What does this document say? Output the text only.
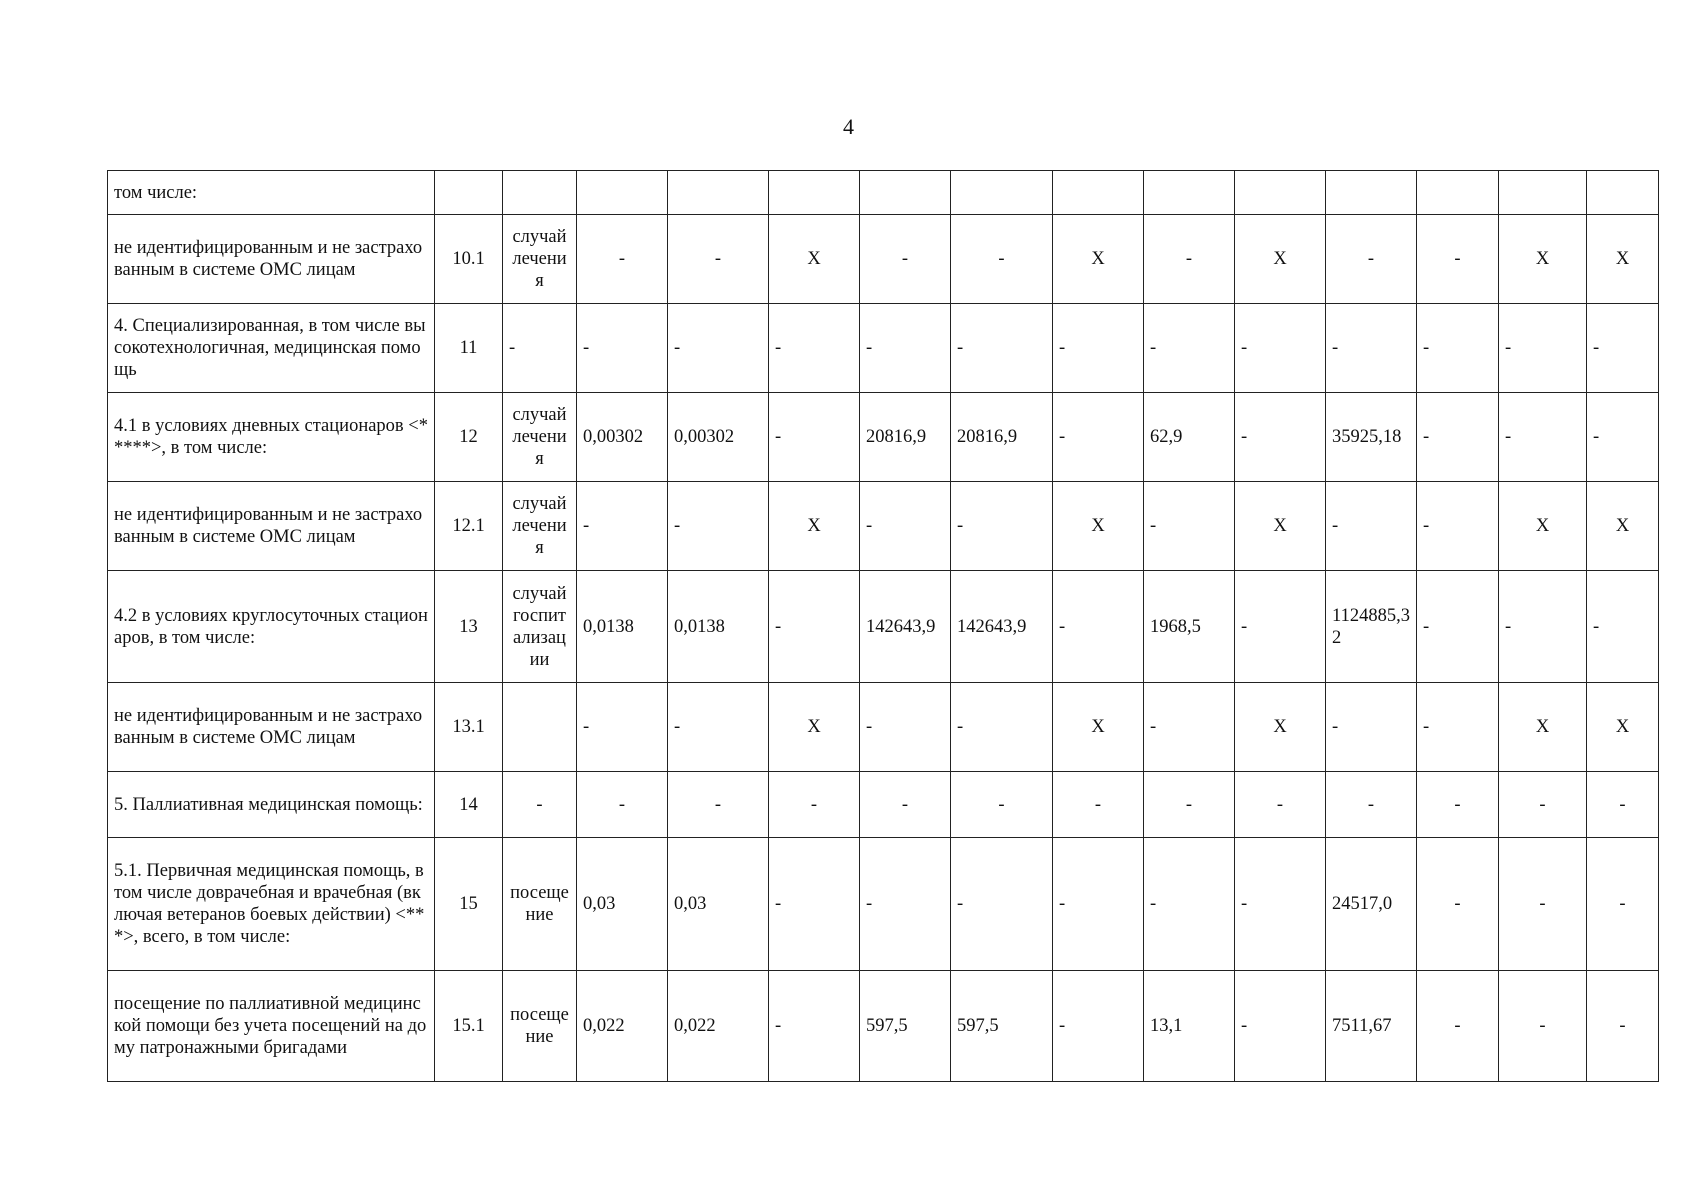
4
том числе:														
не идентифицированным и не застрахованным в системе ОМС лицам	10.1	случай лечения	-	-	X	-	-	X	-	X	-	-	X	X
4. Специализированная, в том числе высокотехнологичная, медицинская помощь	11	-	-	-	-	-	-	-	-	-	-	-	-	-
4.1 в условиях дневных стационаров <*****>, в том числе:	12	случай лечения	0,00302	0,00302	-	20816,9	20816,9	-	62,9	-	35925,18	-	-	-
не идентифицированным и не застрахованным в системе ОМС лицам	12.1	случай лечения	-	-	X	-	-	X	-	X	-	-	X	X
4.2 в условиях круглосуточных стационаров, в том числе:	13	случай госпитализации	0,0138	0,0138	-	142643,9	142643,9	-	1968,5	-	1124885,32	-	-	-
не идентифицированным и не застрахованным в системе ОМС лицам	13.1		-	-	X	-	-	X	-	X	-	-	X	X
5. Паллиативная медицинская помощь:	14	-	-	-	-	-	-	-	-	-	-	-	-	-
5.1. Первичная медицинская помощь, в том числе доврачебная и врачебная (включая ветеранов боевых действии) <***>, всего, в том числе:	15	посещение	0,03	0,03	-	-	-	-	-	-	24517,0	-	-	-
посещение по паллиативной медицинской помощи без учета посещений на дому патронажными бригадами	15.1	посещение	0,022	0,022	-	597,5	597,5	-	13,1	-	7511,67	-	-	-
